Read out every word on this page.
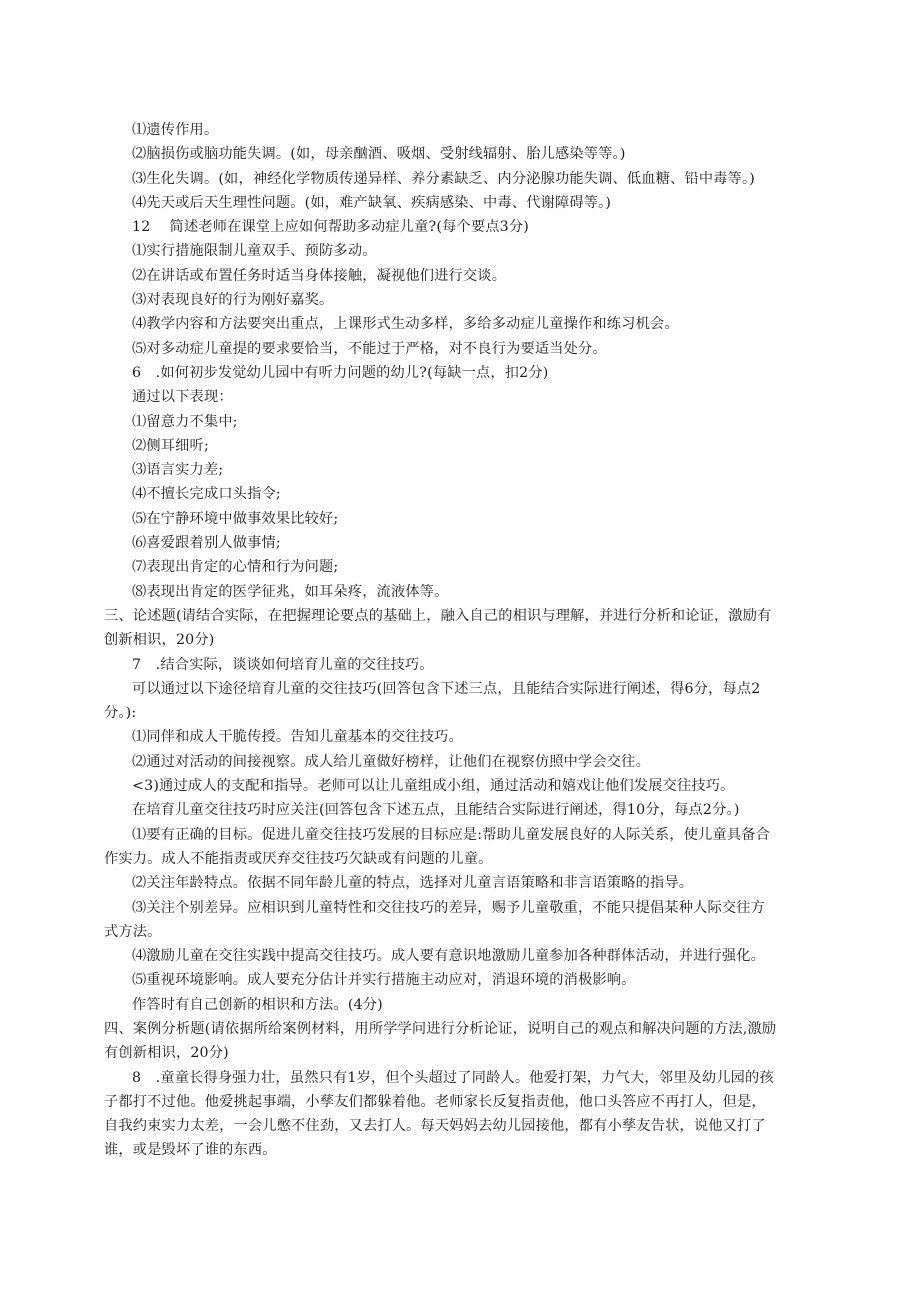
⑴遗传作用。
⑵脑损伤或脑功能失调。(如，母亲酗酒、吸烟、受射线辐射、胎儿感染等等。)
⑶生化失调。(如，神经化学物质传递异样、养分素缺乏、内分泌腺功能失调、低血糖、铅中毒等。)
⑷先天或后天生理性问题。(如，难产缺氧、疾病感染、中毒、代谢障碍等。)
12　 简述老师在课堂上应如何帮助多动症儿童?(每个要点3分)
⑴实行措施限制儿童双手、预防多动。
⑵在讲话或布置任务时适当身体接触，凝视他们进行交谈。
⑶对表现良好的行为刚好嘉奖。
⑷教学内容和方法要突出重点，上课形式生动多样，多给多动症儿童操作和练习机会。
⑸对多动症儿童提的要求要恰当，不能过于严格，对不良行为要适当处分。
6　.如何初步发觉幼儿园中有听力问题的幼儿?(每缺一点，扣2分)
通过以下表现：
⑴留意力不集中;
⑵侧耳细听;
⑶语言实力差;
⑷不擅长完成口头指令;
⑸在宁静环境中做事效果比较好;
⑹喜爱跟着别人做事情;
⑺表现出肯定的心情和行为问题;
⑻表现出肯定的医学征兆，如耳朵疼，流液体等。
三、论述题(请结合实际，在把握理论要点的基础上，融入自己的相识与理解，并进行分析和论证，激励有
创新相识，20分)
7　.结合实际，谈谈如何培育儿童的交往技巧。
可以通过以下途径培育儿童的交往技巧(回答包含下述三点，且能结合实际进行阐述，得6分，每点2
分。):
⑴同伴和成人干脆传授。告知儿童基本的交往技巧。
⑵通过对活动的间接视察。成人给儿童做好榜样，让他们在视察仿照中学会交往。
<3)通过成人的支配和指导。老师可以让儿童组成小组，通过活动和嬉戏让他们发展交往技巧。
在培育儿童交往技巧时应关注(回答包含下述五点，且能结合实际进行阐述，得10分，每点2分。)
⑴要有正确的目标。促进儿童交往技巧发展的目标应是:帮助儿童发展良好的人际关系，使儿童具备合
作实力。成人不能指责或厌弃交往技巧欠缺或有问题的儿童。
⑵关注年龄特点。依据不同年龄儿童的特点，选择对儿童言语策略和非言语策略的指导。
⑶关注个别差异。应相识到儿童特性和交往技巧的差异，赐予儿童敬重，不能只提倡某种人际交往方
式方法。
⑷激励儿童在交往实践中提高交往技巧。成人要有意识地激励儿童参加各种群体活动，并进行强化。
⑸重视环境影响。成人要充分估计并实行措施主动应对，消退环境的消极影响。
作答时有自己创新的相识和方法。(4分)
四、案例分析题(请依据所给案例材料，用所学学问进行分析论证，说明自己的观点和解决问题的方法,激励
有创新相识，20分)
8　.童童长得身强力壮，虽然只有1岁，但个头超过了同龄人。他爱打架，力气大，邻里及幼儿园的孩
子都打不过他。他爱挑起事端，小孳友们都躲着他。老师家长反复指责他，他口头答应不再打人，但是，
自我约束实力太差，一会儿憋不住劲，又去打人。每天妈妈去幼儿园接他，都有小孳友告状，说他又打了
谁，或是毁坏了谁的东西。
